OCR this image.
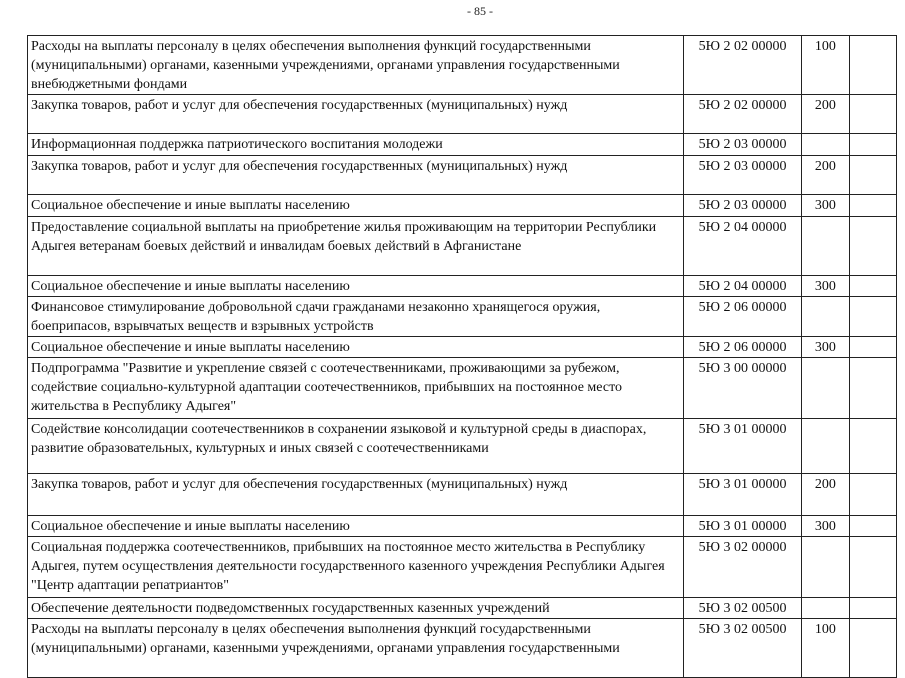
- 85 -
Расходы на выплаты персоналу в целях обеспечения выполнения функций государственными (муниципальными) органами, казенными учреждениями, органами управления государственными внебюджетными фондами	5Ю 2 02 00000	100	
Закупка товаров, работ и услуг для обеспечения государственных (муниципальных) нужд	5Ю 2 02 00000	200	
Информационная поддержка патриотического воспитания молодежи	5Ю 2 03 00000		
Закупка товаров, работ и услуг для обеспечения государственных (муниципальных) нужд	5Ю 2 03 00000	200	
Социальное обеспечение и иные выплаты населению	5Ю 2 03 00000	300	
Предоставление социальной выплаты на приобретение жилья проживающим на территории Республики Адыгея ветеранам боевых действий и инвалидам боевых действий в Афганистане	5Ю 2 04 00000		
Социальное обеспечение и иные выплаты населению	5Ю 2 04 00000	300	
Финансовое стимулирование добровольной сдачи гражданами незаконно хранящегося оружия, боеприпасов, взрывчатых веществ и взрывных устройств	5Ю 2 06 00000		
Социальное обеспечение и иные выплаты населению	5Ю 2 06 00000	300	
Подпрограмма "Развитие и укрепление связей с соотечественниками, проживающими за рубежом, содействие социально-культурной адаптации соотечественников, прибывших на постоянное место жительства в Республику Адыгея"	5Ю 3 00 00000		
Содействие консолидации соотечественников в сохранении языковой и культурной среды в диаспорах, развитие образовательных, культурных и иных связей с соотечественниками	5Ю 3 01 00000		
Закупка товаров, работ и услуг для обеспечения государственных (муниципальных) нужд	5Ю 3 01 00000	200	
Социальное обеспечение и иные выплаты населению	5Ю 3 01 00000	300	
Социальная поддержка соотечественников, прибывших на постоянное место жительства в Республику Адыгея, путем осуществления деятельности государственного казенного учреждения Республики Адыгея "Центр адаптации репатриантов"	5Ю 3 02 00000		
Обеспечение деятельности подведомственных государственных казенных учреждений	5Ю 3 02 00500		
Расходы на выплаты персоналу в целях обеспечения выполнения функций государственными (муниципальными) органами, казенными учреждениями, органами управления государственными	5Ю 3 02 00500	100	
